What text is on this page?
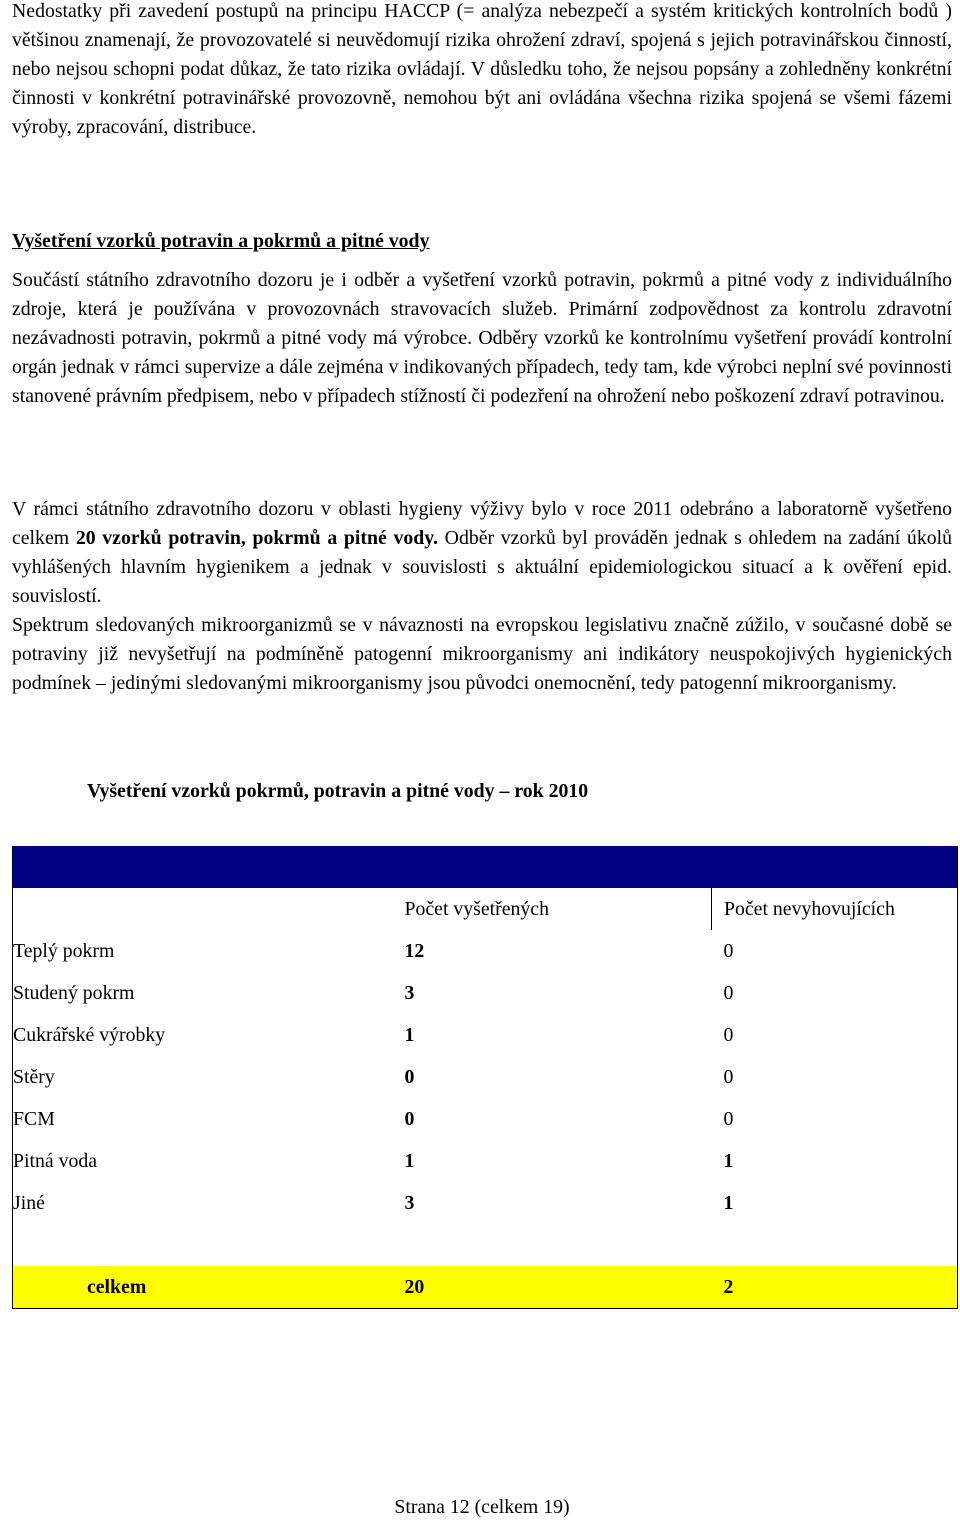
Nedostatky při zavedení postupů na principu HACCP (= analýza nebezpečí a systém kritických kontrolních bodů ) většinou znamenají, že provozovatelé si neuvědomují rizika ohrožení zdraví, spojená s jejich potravinářskou činností, nebo nejsou schopni podat důkaz, že tato rizika ovládají. V důsledku toho, že nejsou popsány a zohledněny konkrétní činnosti v konkrétní potravinářské provozovně, nemohou být ani ovládána všechna rizika spojená se všemi fázemi výroby, zpracování, distribuce.

Vyšetření vzorků potravin a pokrmů a pitné vody

Součástí státního zdravotního dozoru je i odběr a vyšetření vzorků potravin, pokrmů a pitné vody z individuálního zdroje, která je používána v provozovnách stravovacích služeb. Primární zodpovědnost za kontrolu zdravotní nezávadnosti potravin, pokrmů a pitné vody má výrobce. Odběry vzorků ke kontrolnímu vyšetření provádí kontrolní orgán jednak v rámci supervize a dále zejména v indikovaných případech, tedy tam, kde výrobci neplní své povinnosti stanovené právním předpisem, nebo v případech stížností či podezření na ohrožení nebo poškození zdraví potravinou.

V rámci státního zdravotního dozoru v oblasti hygieny výživy bylo v roce 2011 odebráno a laboratorně vyšetřeno celkem 20 vzorků potravin, pokrmů a pitné vody. Odběr vzorků byl prováděn jednak s ohledem na zadání úkolů vyhlášených hlavním hygienikem a jednak v souvislosti s aktuální epidemiologickou situací a k ověření epid. souvislostí.

Spektrum sledovaných mikroorganizmů se v návaznosti na evropskou legislativu značně zúžilo, v současné době se potraviny již nevyšetřují na podmíněně patogenní mikroorganismy ani indikátory neuspokojivých hygienických podmínek – jedinými sledovanými mikroorganismy jsou původci onemocnění, tedy patogenní mikroorganismy.

Vyšetření vzorků pokrmů, potravin a pitné vody – rok 2010

	Počet vyšetřených	Počet nevyhovujících
Teplý pokrm	12	0
Studený pokrm	3	0
Cukrářské výrobky	1	0
Stěry	0	0
FCM	0	0
Pitná voda	1	1
Jiné	3	1

celkem	20	2
Strana 12 (celkem 19)
